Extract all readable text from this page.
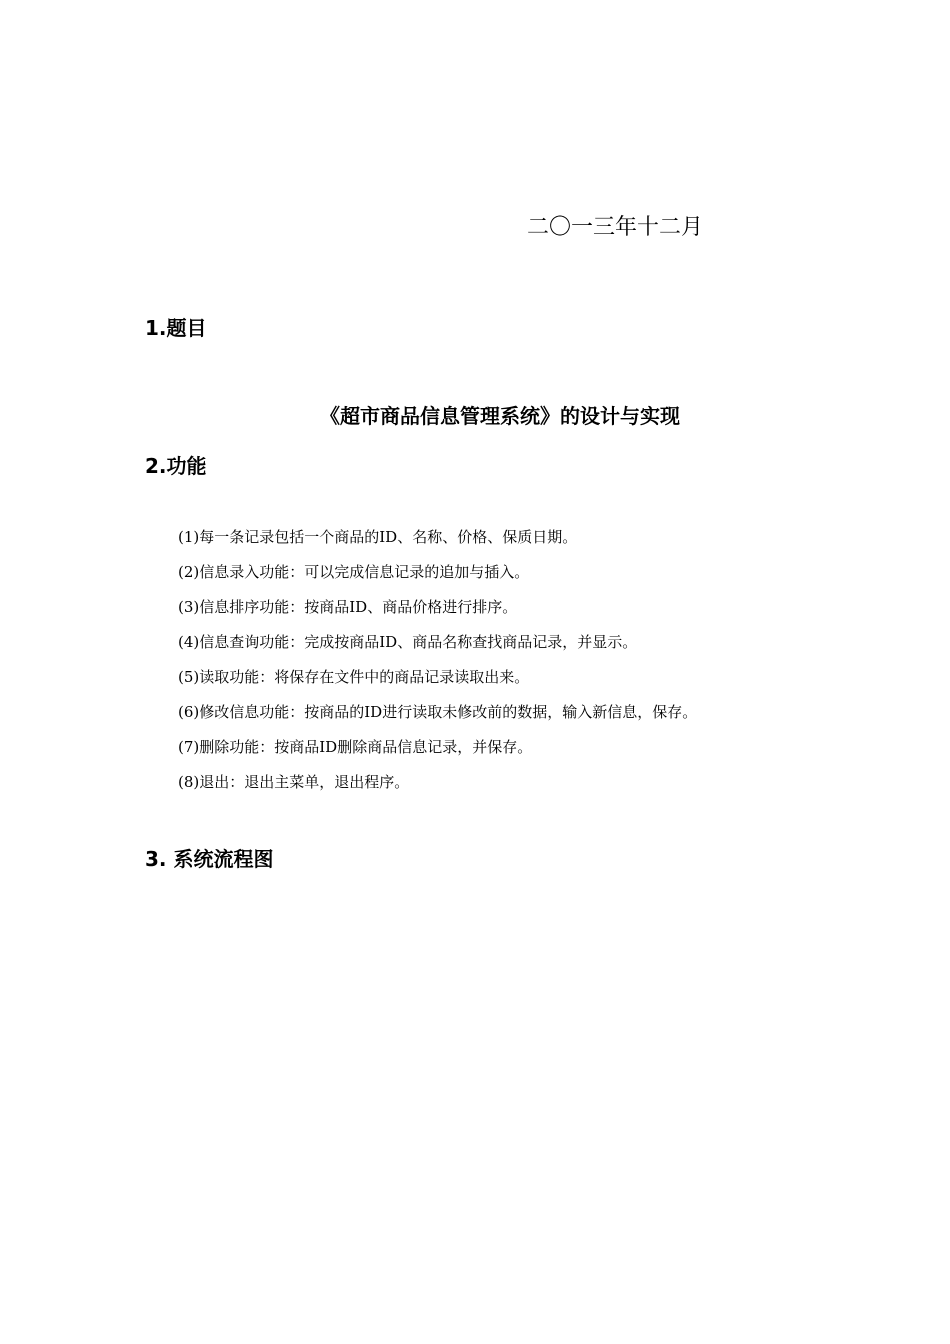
二〇一三年十二月
1.题目
《超市商品信息管理系统》的设计与实现
2.功能
(1)每一条记录包括一个商品的ID、名称、价格、保质日期。
(2)信息录入功能：可以完成信息记录的追加与插入。
(3)信息排序功能：按商品ID、商品价格进行排序。
(4)信息查询功能：完成按商品ID、商品名称查找商品记录，并显示。
(5)读取功能：将保存在文件中的商品记录读取出来。
(6)修改信息功能：按商品的ID进行读取未修改前的数据，输入新信息，保存。
(7)删除功能：按商品ID删除商品信息记录，并保存。
(8)退出：退出主菜单，退出程序。
3. 系统流程图
